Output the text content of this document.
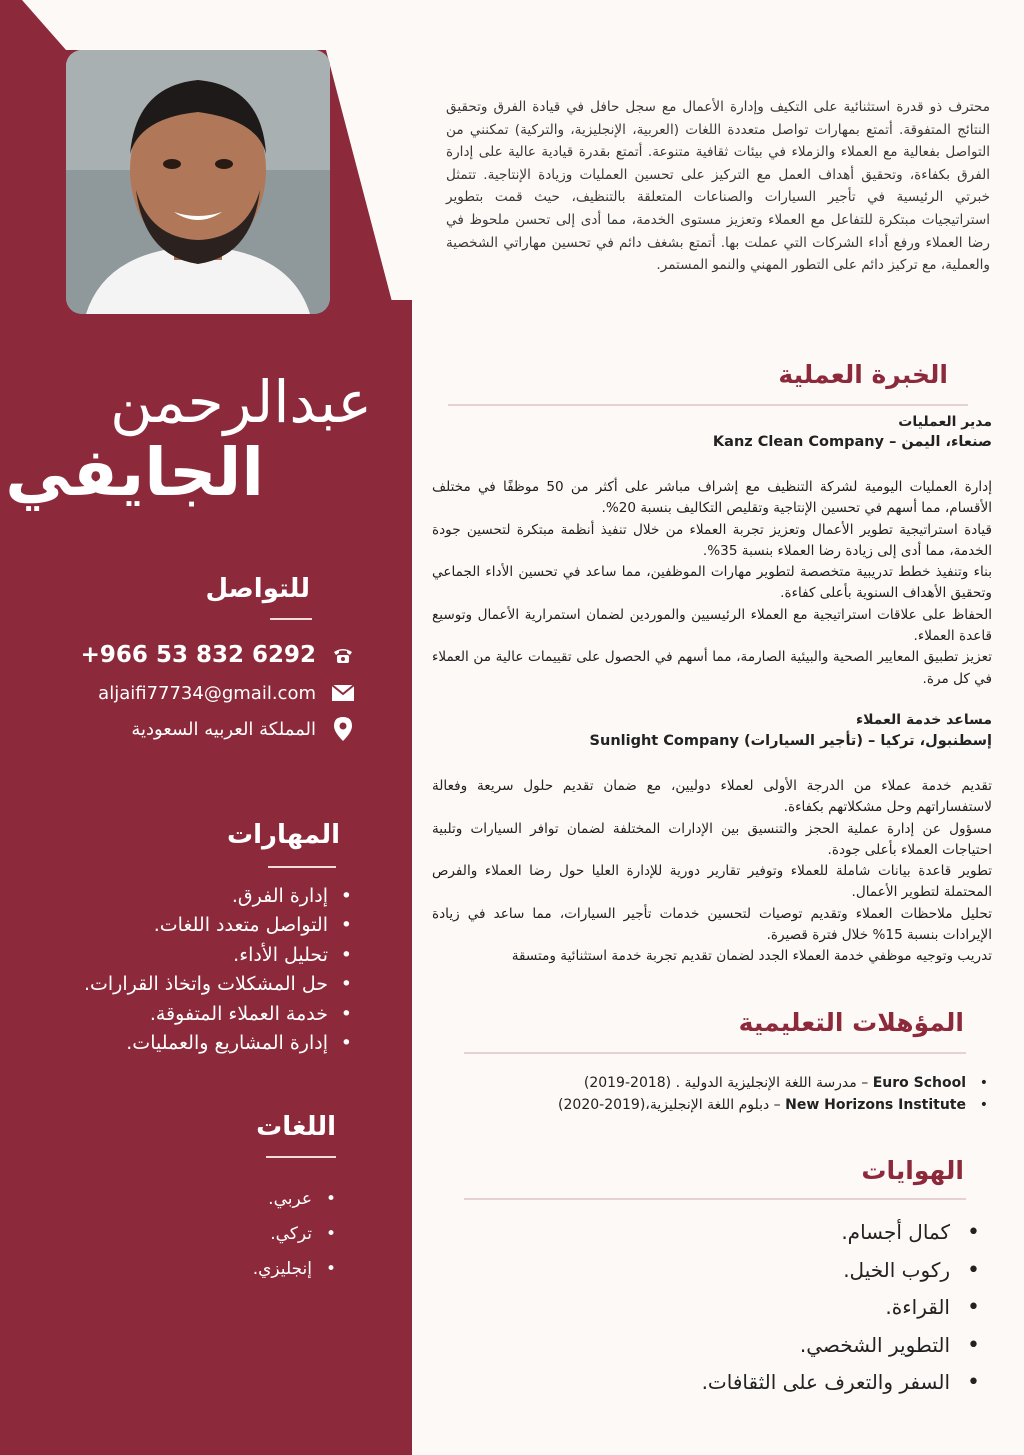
عبدالرحمن
الجايفي
للتواصل
+966 53 832 6292
aljaifi77734@gmail.com
المملكة العربيه السعودية
المهارات
• إدارة الفرق.
• التواصل متعدد اللغات.
• تحليل الأداء.
• حل المشكلات واتخاذ القرارات.
• خدمة العملاء المتفوقة.
• إدارة المشاريع والعمليات.
اللغات
• عربي.
• تركي.
• إنجليزي.
محترف ذو قدرة استثنائية على التكيف وإدارة الأعمال مع سجل حافل في قيادة الفرق وتحقيق النتائج المتفوقة. أتمتع بمهارات تواصل متعددة اللغات (العربية، الإنجليزية، والتركية) تمكنني من التواصل بفعالية مع العملاء والزملاء في بيئات ثقافية متنوعة. أتمتع بقدرة قيادية عالية على إدارة الفرق بكفاءة، وتحقيق أهداف العمل مع التركيز على تحسين العمليات وزيادة الإنتاجية. تتمثل خبرتي الرئيسية في تأجير السيارات والصناعات المتعلقة بالتنظيف، حيث قمت بتطوير استراتيجيات مبتكرة للتفاعل مع العملاء وتعزيز مستوى الخدمة، مما أدى إلى تحسن ملحوظ في رضا العملاء ورفع أداء الشركات التي عملت بها. أتمتع بشغف دائم في تحسين مهاراتي الشخصية والعملية، مع تركيز دائم على التطور المهني والنمو المستمر.
الخبرة العملية
مدير العمليات
صنعاء، اليمن – Kanz Clean Company

إدارة العمليات اليومية لشركة التنظيف مع إشراف مباشر على أكثر من 50 موظفًا في مختلف الأقسام، مما أسهم في تحسين الإنتاجية وتقليص التكاليف بنسبة 20%.

قيادة استراتيجية تطوير الأعمال وتعزيز تجربة العملاء من خلال تنفيذ أنظمة مبتكرة لتحسين جودة الخدمة، مما أدى إلى زيادة رضا العملاء بنسبة 35%.

بناء وتنفيذ خطط تدريبية متخصصة لتطوير مهارات الموظفين، مما ساعد في تحسين الأداء الجماعي وتحقيق الأهداف السنوية بأعلى كفاءة.

الحفاظ على علاقات استراتيجية مع العملاء الرئيسيين والموردين لضمان استمرارية الأعمال وتوسيع قاعدة العملاء.

تعزيز تطبيق المعايير الصحية والبيئية الصارمة، مما أسهم في الحصول على تقييمات عالية من العملاء في كل مرة.

مساعد خدمة العملاء
إسطنبول، تركيا – (تأجير السيارات) Sunlight Company

تقديم خدمة عملاء من الدرجة الأولى لعملاء دوليين، مع ضمان تقديم حلول سريعة وفعالة لاستفساراتهم وحل مشكلاتهم بكفاءة.

مسؤول عن إدارة عملية الحجز والتنسيق بين الإدارات المختلفة لضمان توافر السيارات وتلبية احتياجات العملاء بأعلى جودة.

تطوير قاعدة بيانات شاملة للعملاء وتوفير تقارير دورية للإدارة العليا حول رضا العملاء والفرص المحتملة لتطوير الأعمال.

تحليل ملاحظات العملاء وتقديم توصيات لتحسين خدمات تأجير السيارات، مما ساعد في زيادة الإيرادات بنسبة 15% خلال فترة قصيرة.

تدريب وتوجيه موظفي خدمة العملاء الجدد لضمان تقديم تجربة خدمة استثنائية ومتسقة

المؤهلات التعليمية
• Euro School – مدرسة اللغة الإنجليزية الدولية . (2018-2019)
• New Horizons Institute – دبلوم اللغة الإنجليزية،(2019-2020)
الهوايات
• كمال أجسام.
• ركوب الخيل.
• القراءة.
• التطوير الشخصي.
• السفر والتعرف على الثقافات.
